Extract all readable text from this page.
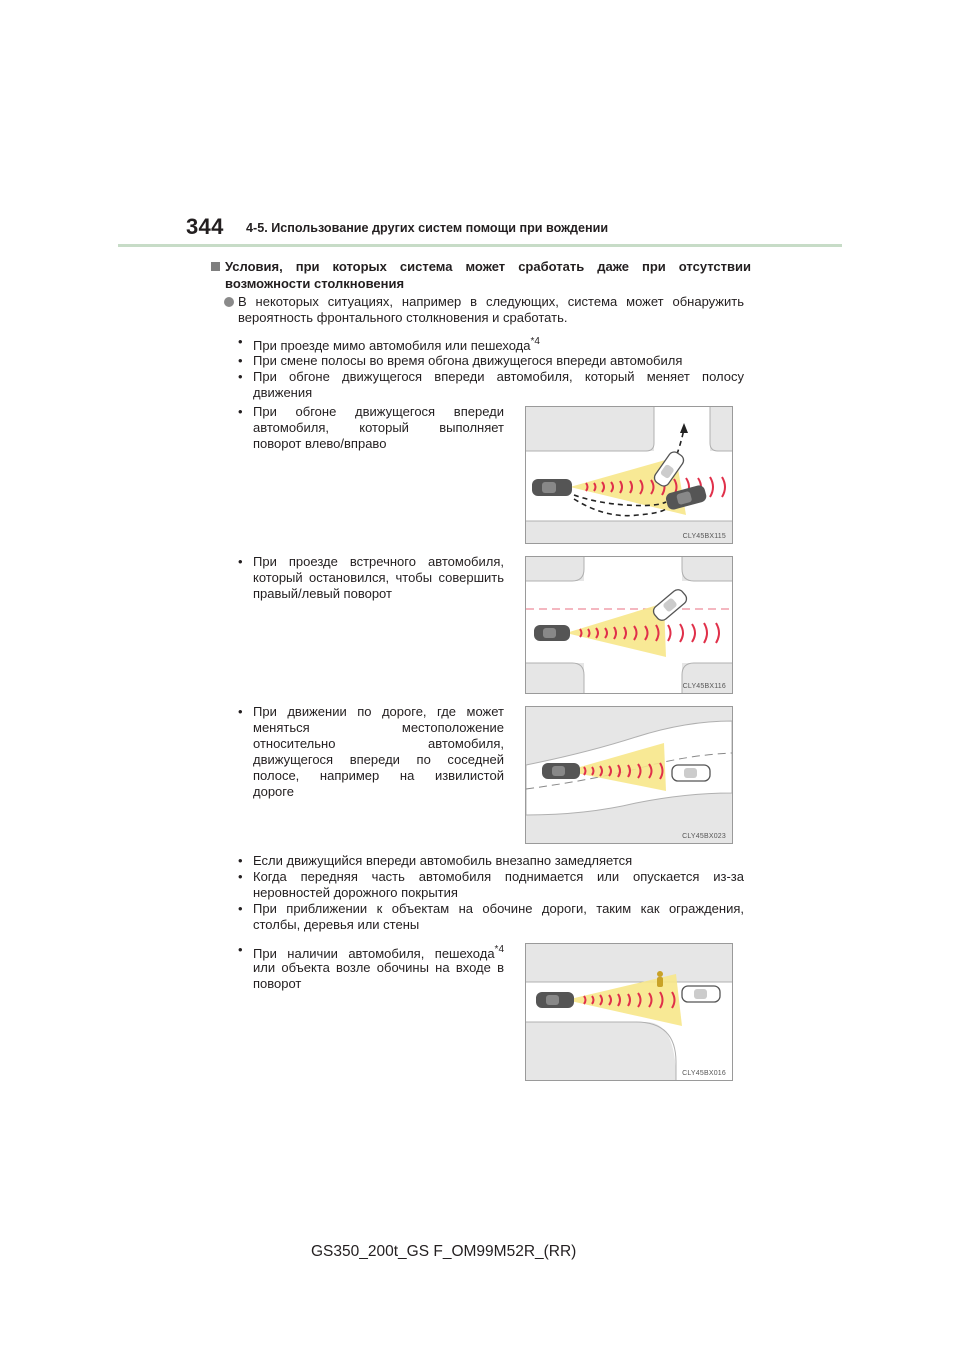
344 4-5. Использование других систем помощи при вождении
Условия, при которых система может сработать даже при отсутствии
возможности столкновения
В некоторых ситуациях, например в следующих, система может обнаружить
вероятность фронтального столкновения и сработать.
• При проезде мимо автомобиля или пешехода$^{*4}$
• При смене полосы во время обгона движущегося впереди автомобиля
• При обгоне движущегося впереди автомобиля, который меняет полосу
движения
• При обгоне движущегося впереди
автомобиля, который выполняет
поворот влево/вправо
CLY45BX115
• При проезде встречного автомобиля,
который остановился, чтобы совершить
правый/левый поворот
CLY45BX116
• При движении по дороге, где может
меняться местоположение
относительно автомобиля,
движущегося впереди по соседней
полосе, например на извилистой
дороге
CLY45BX023
• Если движущийся впереди автомобиль внезапно замедляется
• Когда передняя часть автомобиля поднимается или опускается из-за
неровностей дорожного покрытия
• При приближении к объектам на обочине дороги, таким как ограждения,
столбы, деревья или стены
• При наличии автомобиля, пешехода$^{*4}$
или объекта возле обочины на входе в
поворот
CLY45BX016
GS350_200t_GS F_OM99M52R_(RR)
